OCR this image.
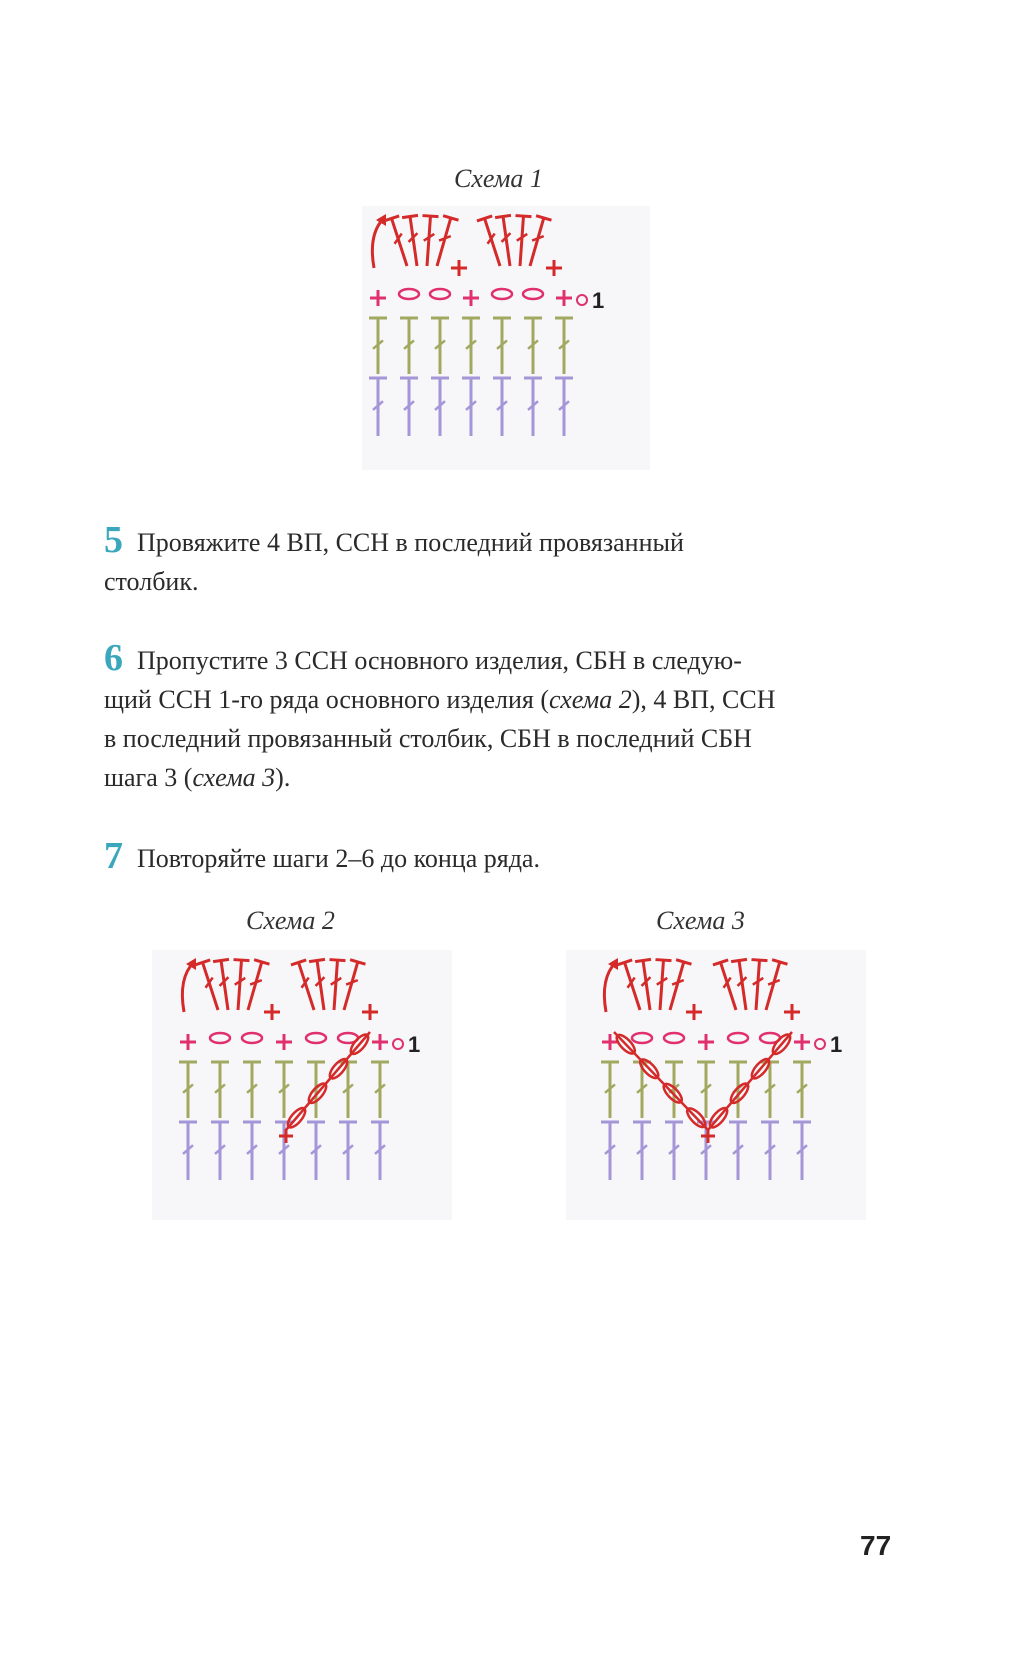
Схема 1
1
5 Провяжите 4 ВП, ССН в последний провязанный
столбик.
6 Пропустите 3 ССН основного изделия, СБН в следую-
щий ССН 1-го ряда основного изделия (схема 2), 4 ВП, ССН
в последний провязанный столбик, СБН в последний СБН
шага 3 (схема 3).
7 Повторяйте шаги 2–6 до конца ряда.
Схема 2
1
Схема 3
1
77
